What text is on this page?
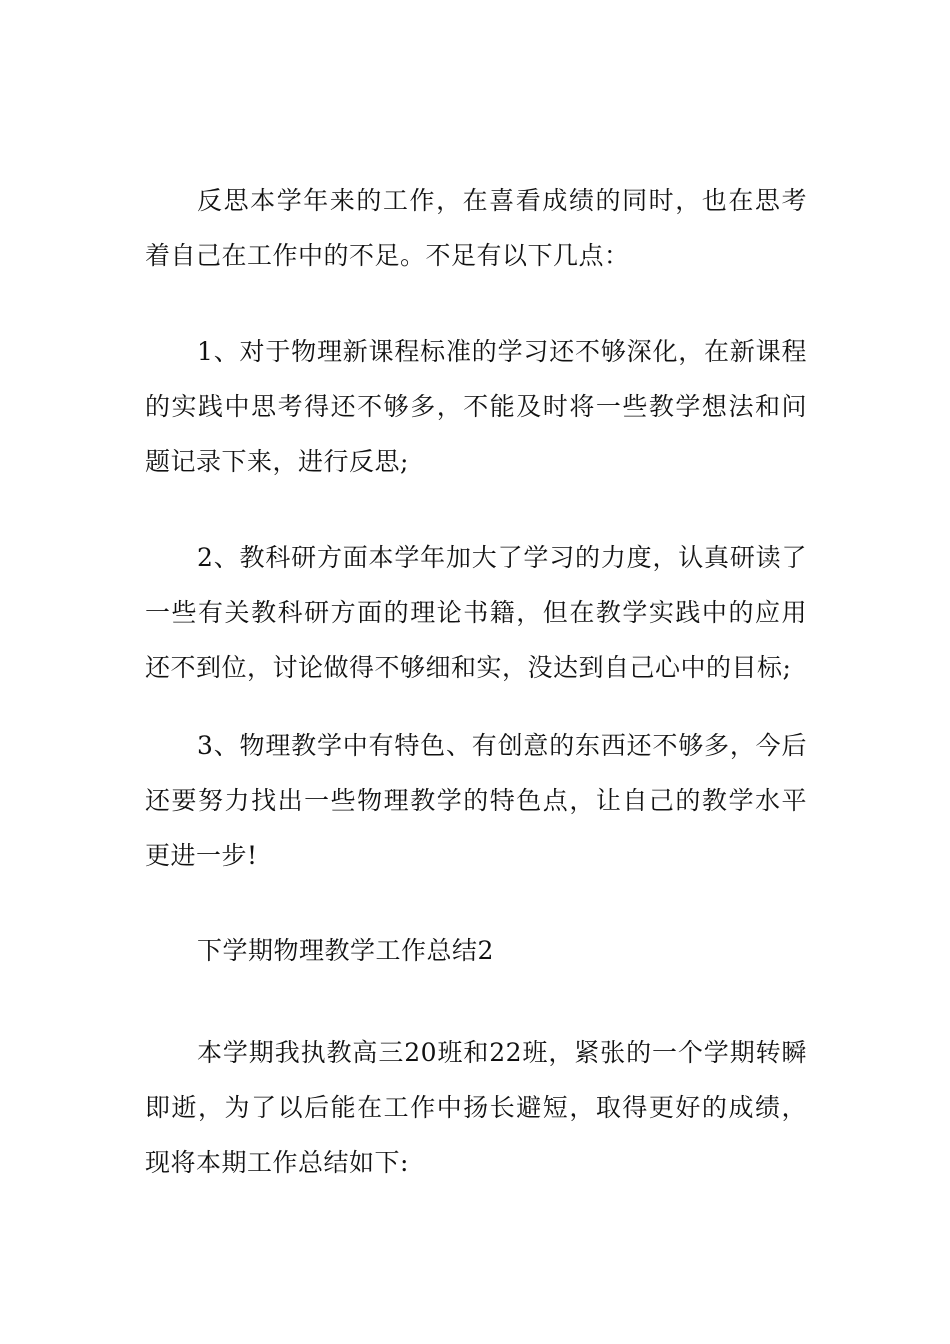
反思本学年来的工作，在喜看成绩的同时，也在思考着自己在工作中的不足。不足有以下几点：

1、对于物理新课程标准的学习还不够深化，在新课程的实践中思考得还不够多，不能及时将一些教学想法和问题记录下来，进行反思;

2、教科研方面本学年加大了学习的力度，认真研读了一些有关教科研方面的理论书籍，但在教学实践中的应用还不到位，讨论做得不够细和实，没达到自己心中的目标;

3、物理教学中有特色、有创意的东西还不够多，今后还要努力找出一些物理教学的特色点，让自己的教学水平更进一步!

下学期物理教学工作总结2

本学期我执教高三20班和22班，紧张的一个学期转瞬即逝，为了以后能在工作中扬长避短，取得更好的成绩，现将本期工作总结如下:
